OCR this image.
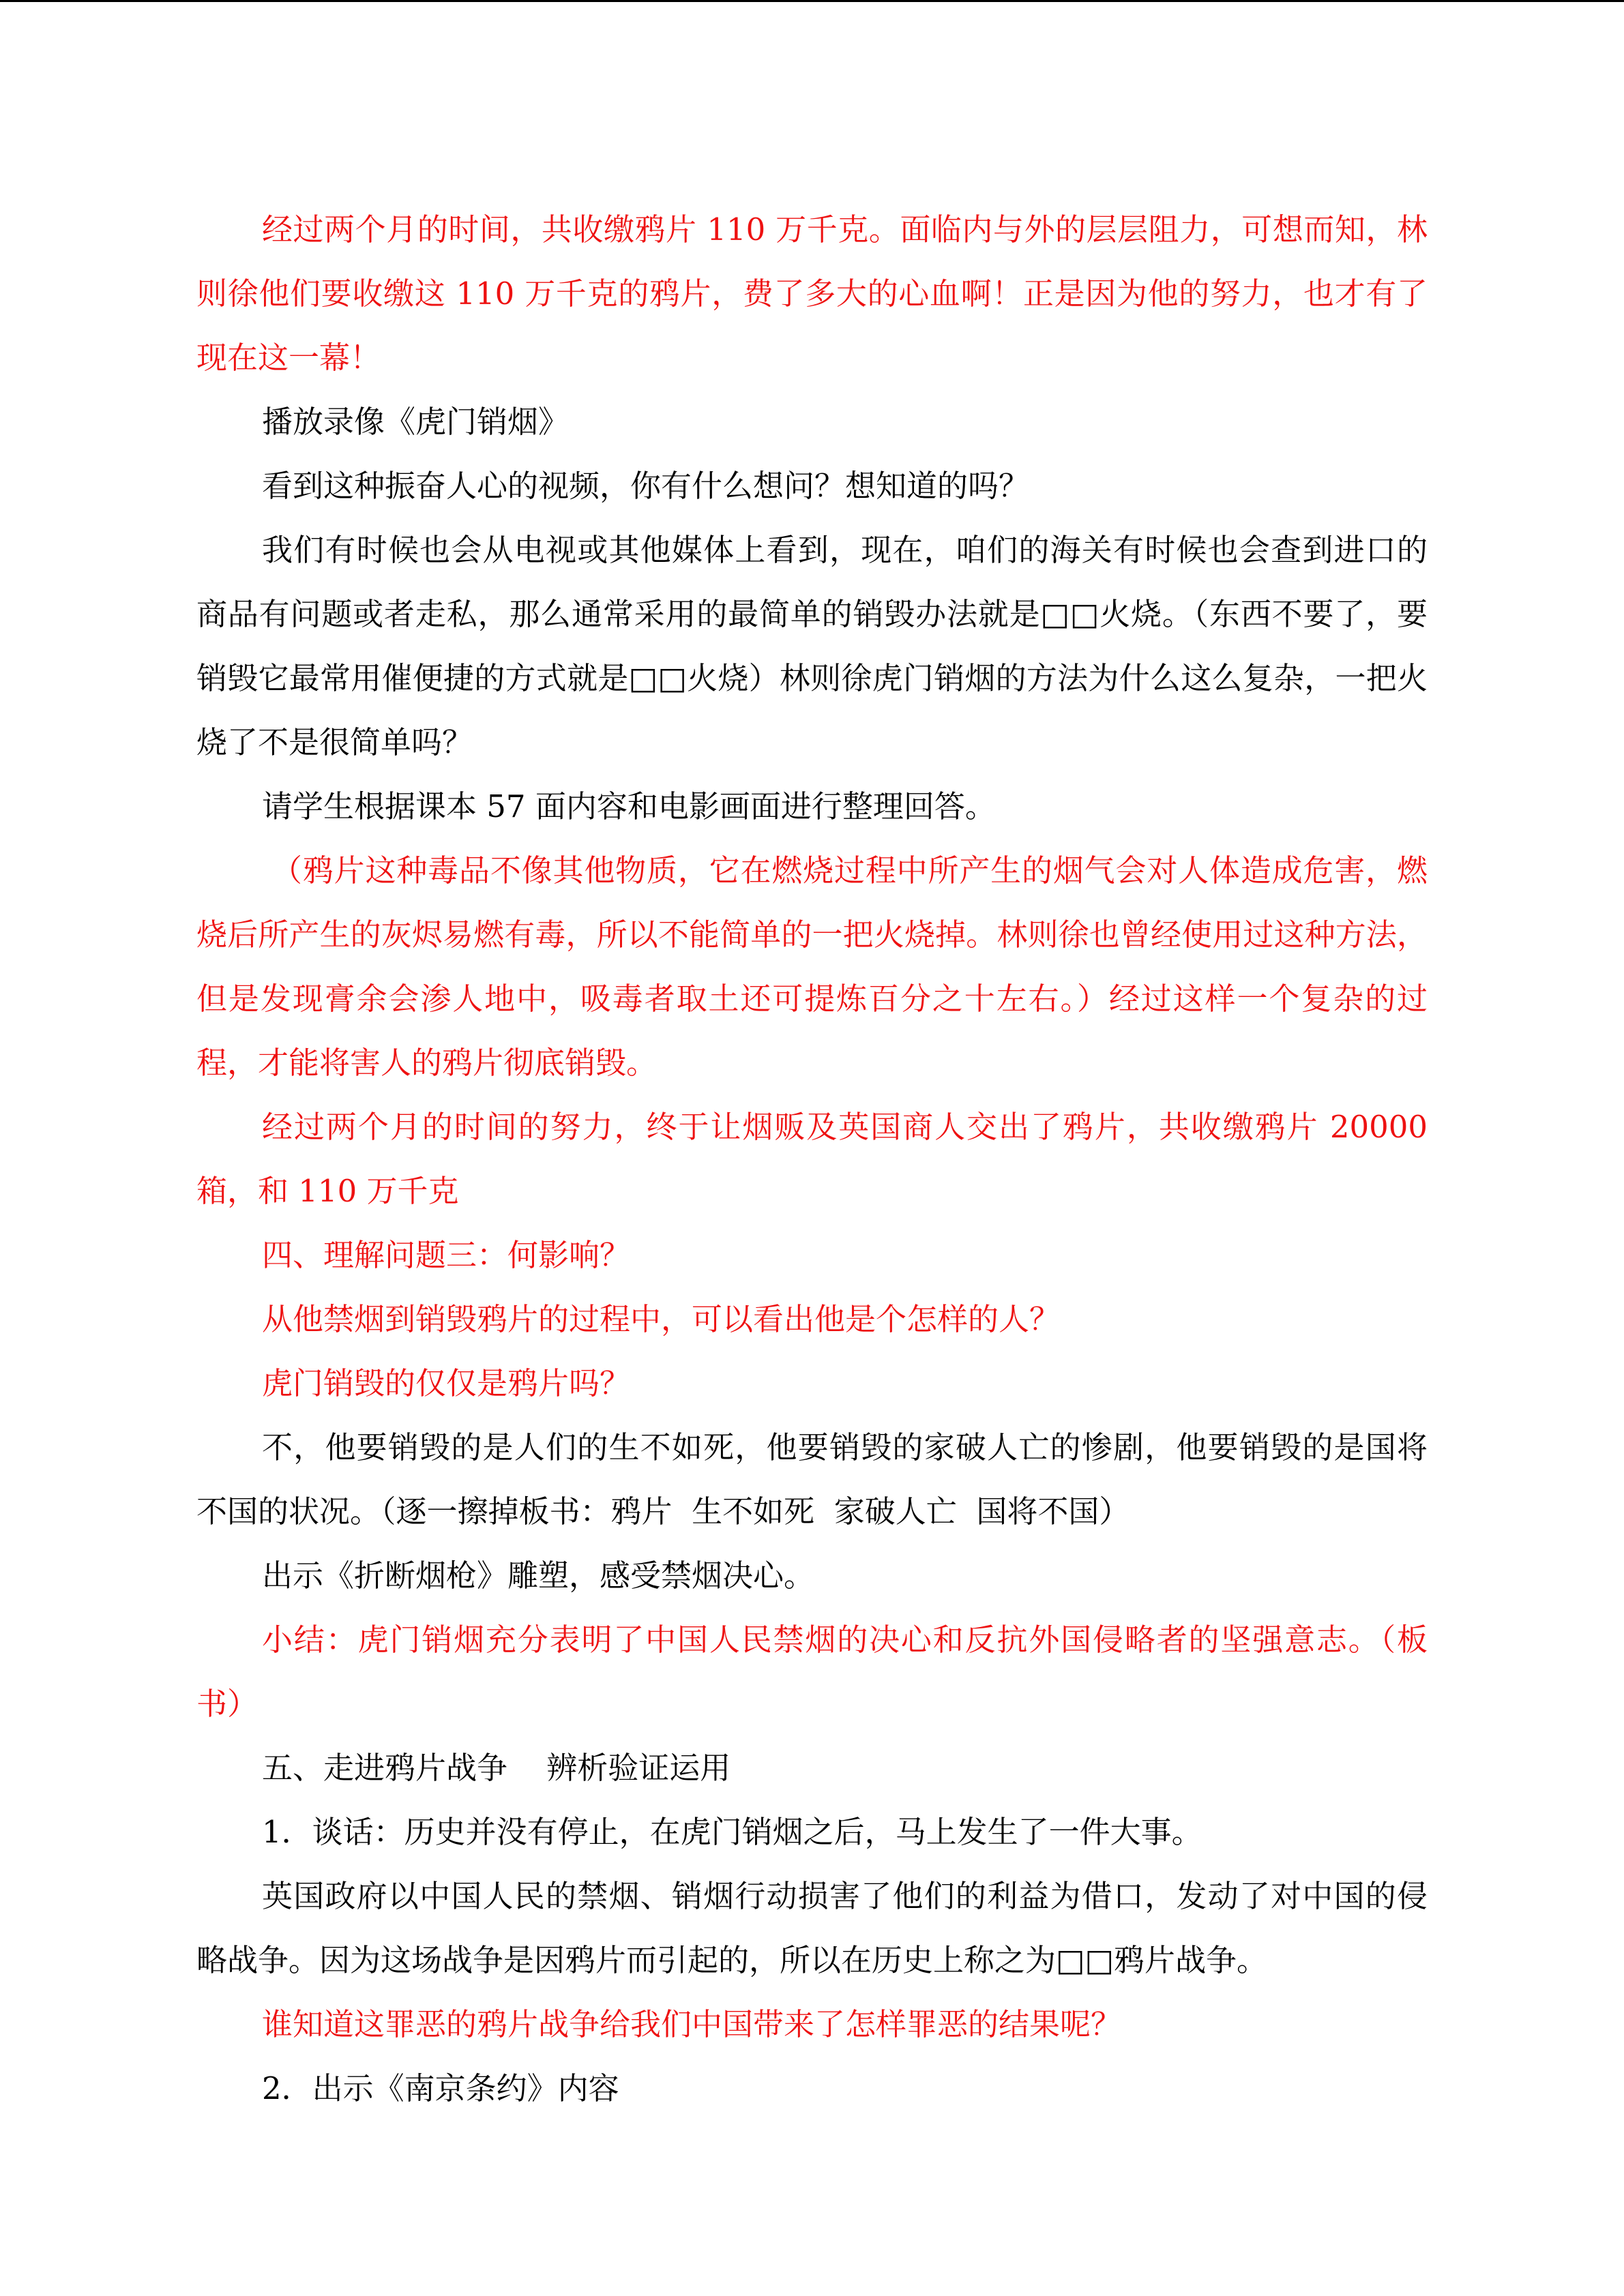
经过两个月的时间，共收缴鸦片 110 万千克。面临内与外的层层阻力，可想而知，林则徐他们要收缴这 110 万千克的鸦片，费了多大的心血啊！正是因为他的努力，也才有了现在这一幕！

播放录像《虎门销烟》

看到这种振奋人心的视频，你有什么想问？想知道的吗？

我们有时候也会从电视或其他媒体上看到，现在，咱们的海关有时候也会查到进口的商品有问题或者走私，那么通常采用的最简单的销毁办法就是□□火烧。（东西不要了，要销毁它最常用催便捷的方式就是□□火烧）林则徐虎门销烟的方法为什么这么复杂，一把火烧了不是很简单吗？

请学生根据课本 57 面内容和电影画面进行整理回答。

（鸦片这种毒品不像其他物质，它在燃烧过程中所产生的烟气会对人体造成危害，燃烧后所产生的灰烬易燃有毒，所以不能简单的一把火烧掉。林则徐也曾经使用过这种方法，但是发现膏余会渗人地中，吸毒者取土还可提炼百分之十左右。）经过这样一个复杂的过程，才能将害人的鸦片彻底销毁。

经过两个月的时间的努力，终于让烟贩及英国商人交出了鸦片，共收缴鸦片 20000 箱，和 110 万千克

四、理解问题三：何影响？

从他禁烟到销毁鸦片的过程中，可以看出他是个怎样的人？

虎门销毁的仅仅是鸦片吗？

不，他要销毁的是人们的生不如死，他要销毁的家破人亡的惨剧，他要销毁的是国将不国的状况。（逐一擦掉板书：鸦片  生不如死  家破人亡  国将不国）

出示《折断烟枪》雕塑，感受禁烟决心。

小结：虎门销烟充分表明了中国人民禁烟的决心和反抗外国侵略者的坚强意志。（板书）

五、走进鸦片战争    辨析验证运用

1．谈话：历史并没有停止，在虎门销烟之后，马上发生了一件大事。

英国政府以中国人民的禁烟、销烟行动损害了他们的利益为借口，发动了对中国的侵略战争。因为这场战争是因鸦片而引起的，所以在历史上称之为□□鸦片战争。

谁知道这罪恶的鸦片战争给我们中国带来了怎样罪恶的结果呢？

2．出示《南京条约》内容
